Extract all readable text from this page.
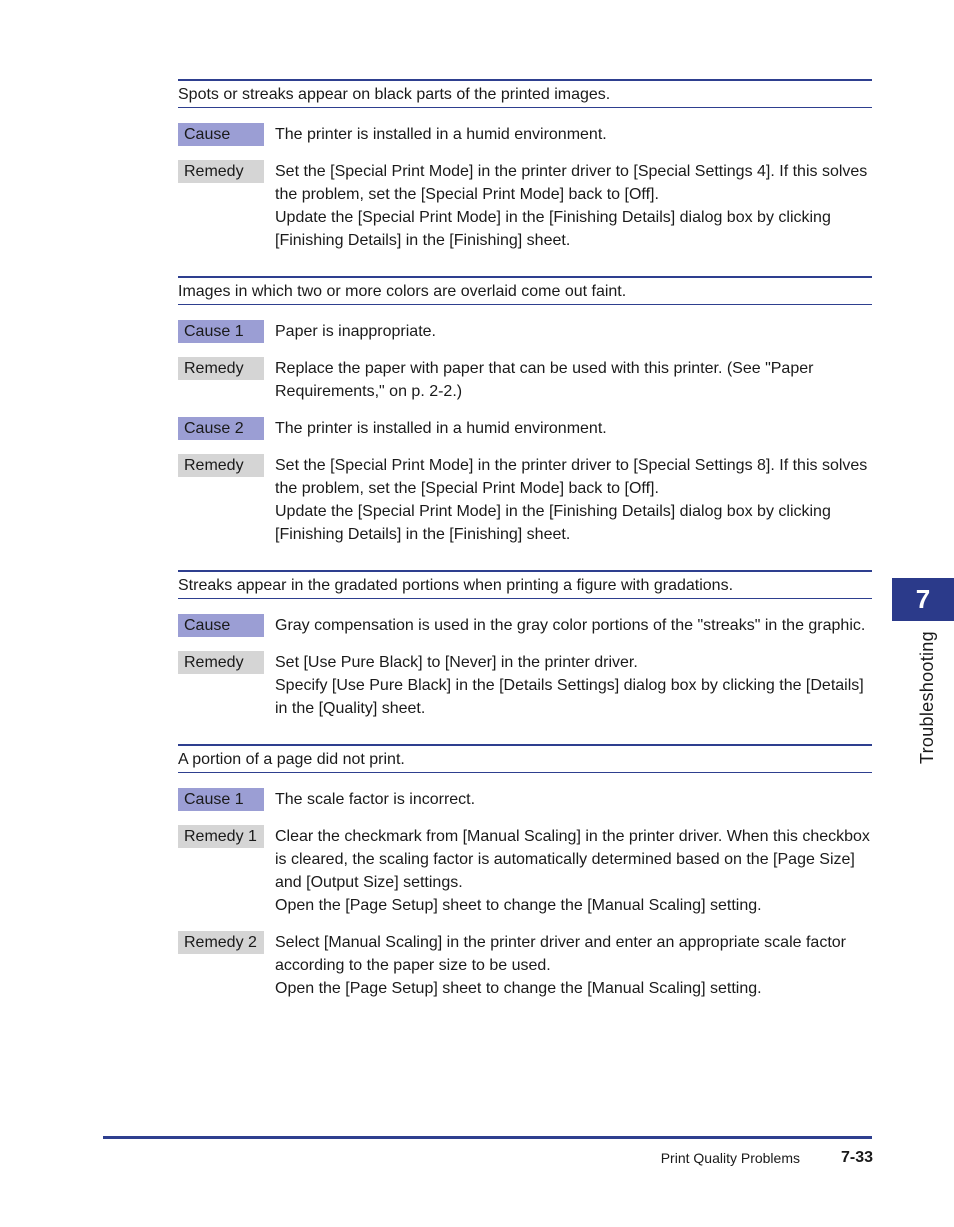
Spots or streaks appear on black parts of the printed images.
Cause	The printer is installed in a humid environment.

Remedy	Set the [Special Print Mode] in the printer driver to [Special Settings 4]. If this solves the problem, set the [Special Print Mode] back to [Off].

Update the [Special Print Mode] in the [Finishing Details] dialog box by clicking [Finishing Details] in the [Finishing] sheet.

Images in which two or more colors are overlaid come out faint.
Cause 1	Paper is inappropriate.

Remedy	Replace the paper with paper that can be used with this printer. (See "Paper Requirements," on p. 2-2.)

Cause 2	The printer is installed in a humid environment.

Remedy	Set the [Special Print Mode] in the printer driver to [Special Settings 8]. If this solves the problem, set the [Special Print Mode] back to [Off].

Update the [Special Print Mode] in the [Finishing Details] dialog box by clicking [Finishing Details] in the [Finishing] sheet.

Streaks appear in the gradated portions when printing a figure with gradations.
Cause	Gray compensation is used in the gray color portions of the "streaks" in the graphic.

Remedy	Set [Use Pure Black] to [Never] in the printer driver.

Specify [Use Pure Black] in the [Details Settings] dialog box by clicking the [Details] in the [Quality] sheet.

A portion of a page did not print.
Cause 1	The scale factor is incorrect.

Remedy 1	Clear the checkmark from [Manual Scaling] in the printer driver. When this checkbox is cleared, the scaling factor is automatically determined based on the [Page Size] and [Output Size] settings.

Open the [Page Setup] sheet to change the [Manual Scaling] setting.

Remedy 2	Select [Manual Scaling] in the printer driver and enter an appropriate scale factor according to the paper size to be used.

Open the [Page Setup] sheet to change the [Manual Scaling] setting.

Print Quality Problems	7-33
7
Troubleshooting
